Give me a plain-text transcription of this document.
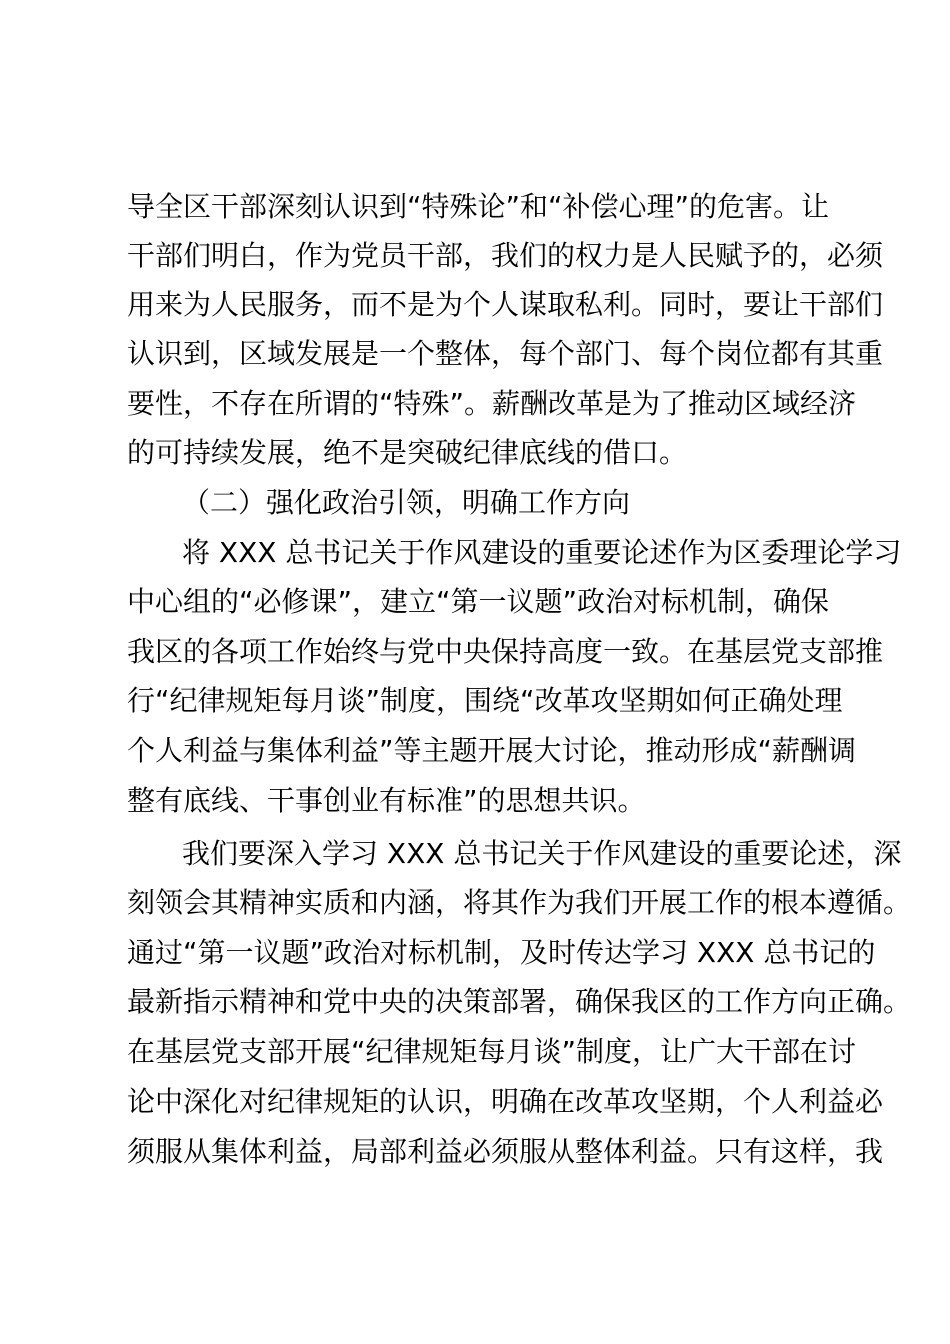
导全区干部深刻认识到“特殊论”和“补偿心理”的危害。让
干部们明白，作为党员干部，我们的权力是人民赋予的，必须
用来为人民服务，而不是为个人谋取私利。同时，要让干部们
认识到，区域发展是一个整体，每个部门、每个岗位都有其重
要性，不存在所谓的“特殊”。薪酬改革是为了推动区域经济
的可持续发展，绝不是突破纪律底线的借口。
（二）强化政治引领，明确工作方向
将 XXX 总书记关于作风建设的重要论述作为区委理论学习
中心组的“必修课”，建立“第一议题”政治对标机制，确保
我区的各项工作始终与党中央保持高度一致。在基层党支部推
行“纪律规矩每月谈”制度，围绕“改革攻坚期如何正确处理
个人利益与集体利益”等主题开展大讨论，推动形成“薪酬调
整有底线、干事创业有标准”的思想共识。
我们要深入学习 XXX 总书记关于作风建设的重要论述，深
刻领会其精神实质和内涵，将其作为我们开展工作的根本遵循。
通过“第一议题”政治对标机制，及时传达学习 XXX 总书记的
最新指示精神和党中央的决策部署，确保我区的工作方向正确。
在基层党支部开展“纪律规矩每月谈”制度，让广大干部在讨
论中深化对纪律规矩的认识，明确在改革攻坚期，个人利益必
须服从集体利益，局部利益必须服从整体利益。只有这样，我
